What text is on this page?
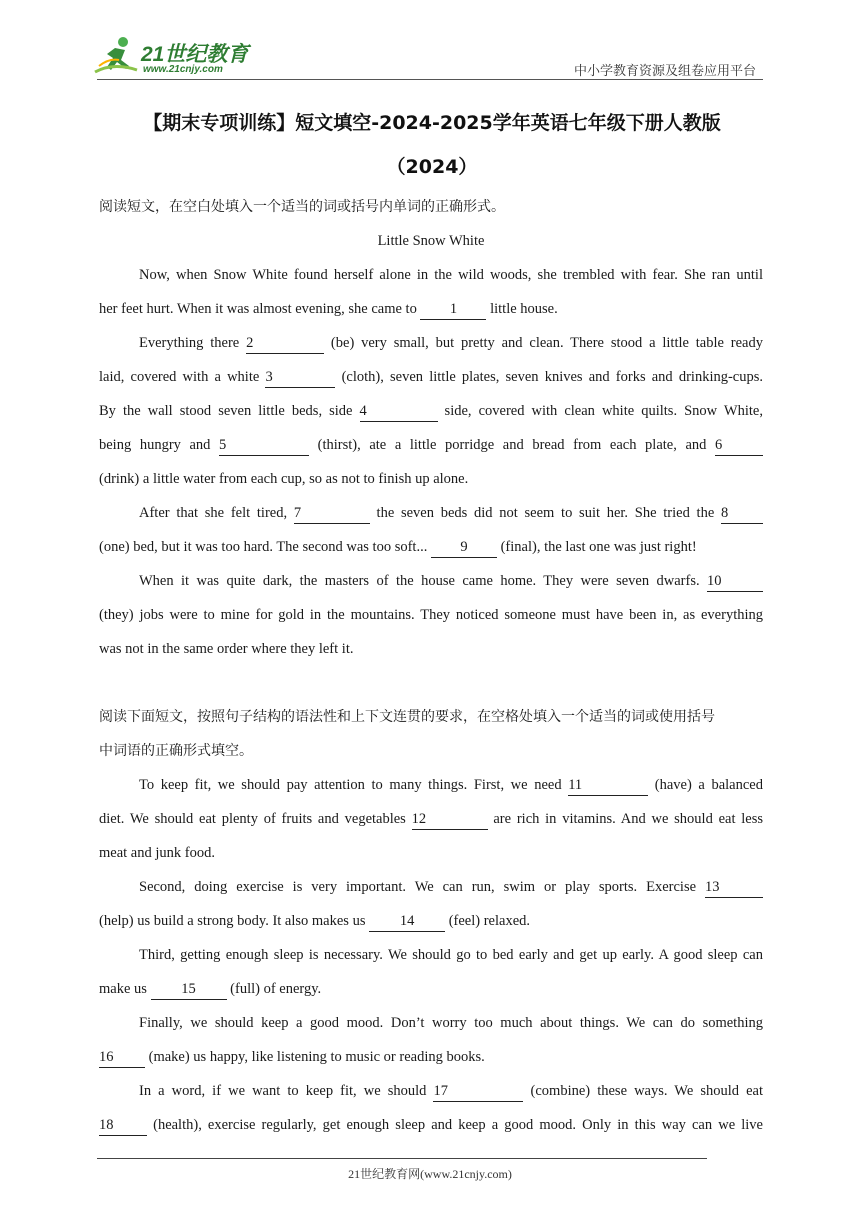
21世纪教育
www.21cnjy.com	中小学教育资源及组卷应用平台
【期末专项训练】短文填空-2024-2025学年英语七年级下册人教版
（2024）
阅读短文，在空白处填入一个适当的词或括号内单词的正确形式。
Little Snow White
Now, when Snow White found herself alone in the wild woods, she trembled with fear. She ran until
her feet hurt. When it was almost evening, she came to 1 little house.
Everything there 2	(be) very small, but pretty and clean. There stood a little table ready
laid, covered with a white 3	(cloth), seven little plates, seven knives and forks and drinking-cups.
By the wall stood seven little beds, side 4	side, covered with clean white quilts. Snow White,
being hungry and 5	(thirst), ate a little porridge and bread from each plate, and 6
(drink) a little water from each cup, so as not to finish up alone.
After that she felt tired, 7	the seven beds did not seem to suit her. She tried the 8
(one) bed, but it was too hard. The second was too soft... 9 (final), the last one was just right!
When it was quite dark, the masters of the house came home. They were seven dwarfs. 10
(they) jobs were to mine for gold in the mountains. They noticed someone must have been in, as everything
was not in the same order where they left it.
阅读下面短文，按照句子结构的语法性和上下文连贯的要求，在空格处填入一个适当的词或使用括号
中词语的正确形式填空。
To keep fit, we should pay attention to many things. First, we need 11	(have) a balanced
diet. We should eat plenty of fruits and vegetables 12	are rich in vitamins. And we should eat less
meat and junk food.
Second, doing exercise is very important. We can run, swim or play sports. Exercise 13
(help) us build a strong body. It also makes us 14 (feel) relaxed.
Third, getting enough sleep is necessary. We should go to bed early and get up early. A good sleep can
make us 15 (full) of energy.
Finally, we should keep a good mood. Don’t worry too much about things. We can do something
16 (make) us happy, like listening to music or reading books.
In a word, if we want to keep fit, we should 17	(combine) these ways. We should eat
18 (health), exercise regularly, get enough sleep and keep a good mood. Only in this way can we live
21世纪教育网(www.21cnjy.com)
